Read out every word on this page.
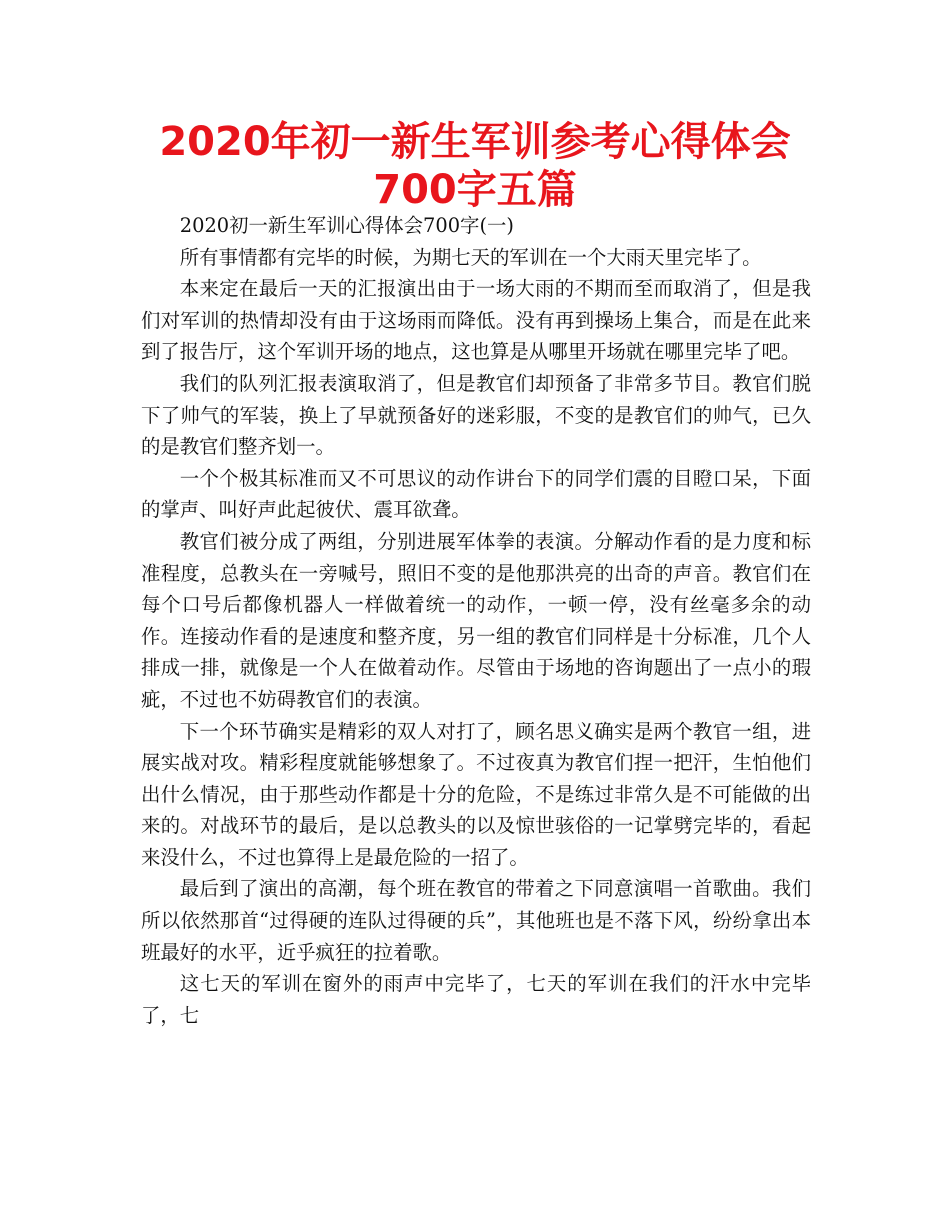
2020年初一新生军训参考心得体会700字五篇

2020初一新生军训心得体会700字(一)

所有事情都有完毕的时候，为期七天的军训在一个大雨天里完毕了。

本来定在最后一天的汇报演出由于一场大雨的不期而至而取消了，但是我们对军训的热情却没有由于这场雨而降低。没有再到操场上集合，而是在此来到了报告厅，这个军训开场的地点，这也算是从哪里开场就在哪里完毕了吧。

我们的队列汇报表演取消了，但是教官们却预备了非常多节目。教官们脱下了帅气的军装，换上了早就预备好的迷彩服，不变的是教官们的帅气，已久的是教官们整齐划一。

一个个极其标准而又不可思议的动作讲台下的同学们震的目瞪口呆，下面的掌声、叫好声此起彼伏、震耳欲聋。

教官们被分成了两组，分别进展军体拳的表演。分解动作看的是力度和标准程度，总教头在一旁喊号，照旧不变的是他那洪亮的出奇的声音。教官们在每个口号后都像机器人一样做着统一的动作，一顿一停，没有丝毫多余的动作。连接动作看的是速度和整齐度，另一组的教官们同样是十分标准，几个人排成一排，就像是一个人在做着动作。尽管由于场地的咨询题出了一点小的瑕疵，不过也不妨碍教官们的表演。

下一个环节确实是精彩的双人对打了，顾名思义确实是两个教官一组，进展实战对攻。精彩程度就能够想象了。不过夜真为教官们捏一把汗，生怕他们出什么情况，由于那些动作都是十分的危险，不是练过非常久是不可能做的出来的。对战环节的最后，是以总教头的以及惊世骇俗的一记掌劈完毕的，看起来没什么，不过也算得上是最危险的一招了。

最后到了演出的高潮，每个班在教官的带着之下同意演唱一首歌曲。我们所以依然那首“过得硬的连队过得硬的兵”，其他班也是不落下风，纷纷拿出本班最好的水平，近乎疯狂的拉着歌。

这七天的军训在窗外的雨声中完毕了，七天的军训在我们的汗水中完毕了，七
